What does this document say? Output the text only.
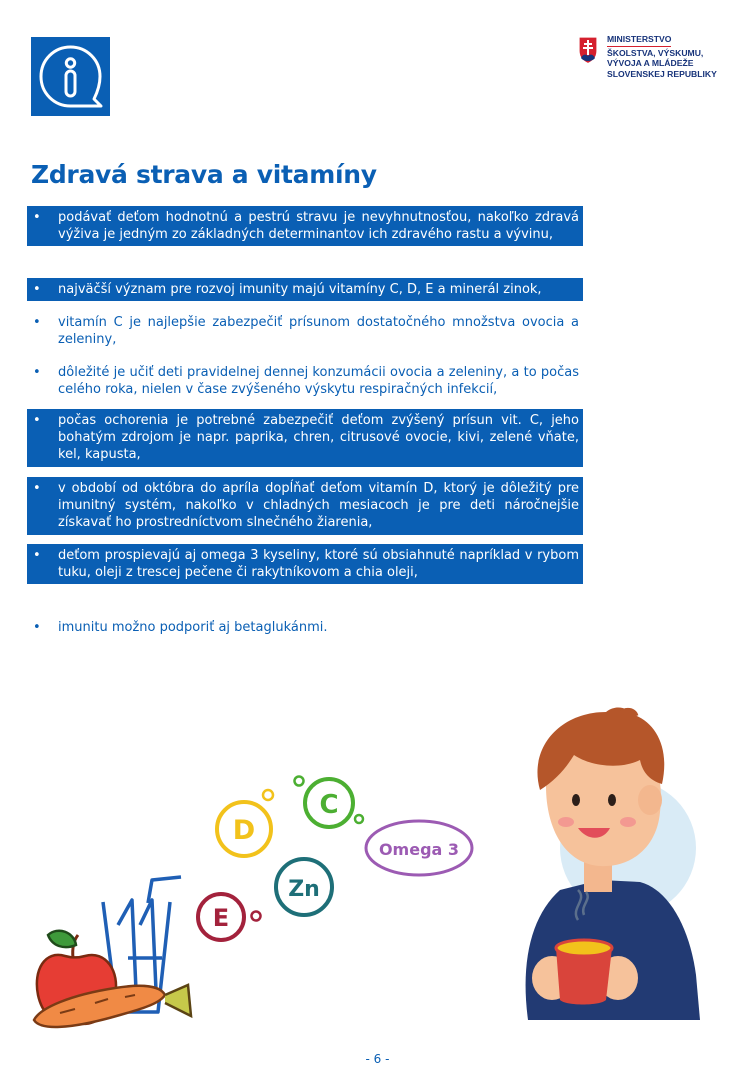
MINISTERSTVO
ŠKOLSTVA, VÝSKUMU,
VÝVOJA A MLÁDEŽE
SLOVENSKEJ REPUBLIKY
Zdravá strava a vitamíny
• podávať deťom hodnotnú a pestrú stravu je nevyhnutnosťou, nakoľko zdravá výživa je jedným zo základných determinantov ich zdravého rastu a vývinu,
• najväčší význam pre rozvoj imunity majú vitamíny C, D, E a minerál zinok,
• vitamín C je najlepšie zabezpečiť prísunom dostatočného množstva ovocia a zeleniny,
• dôležité je učiť deti pravidelnej dennej konzumácii ovocia a zeleniny, a to počas celého roka, nielen v čase zvýšeného výskytu respiračných infekcií,
• počas ochorenia je potrebné zabezpečiť deťom zvýšený prísun vit. C, jeho bohatým zdrojom je napr. paprika, chren, citrusové ovocie, kivi, zelené vňate, kel, kapusta,
• v období od októbra do apríla dopĺňať deťom vitamín D, ktorý je dôležitý pre imunitný systém, nakoľko v chladných mesiacoch je pre deti náročnejšie získavať ho prostredníctvom slnečného žiarenia,
• deťom prospievajú aj omega 3 kyseliny, ktoré sú obsiahnuté napríklad v rybom tuku, oleji z trescej pečene či rakytníkovom a chia oleji,
• imunitu možno podporiť aj betaglukánmi.
D
C
Omega 3
Zn
E
- 6 -
